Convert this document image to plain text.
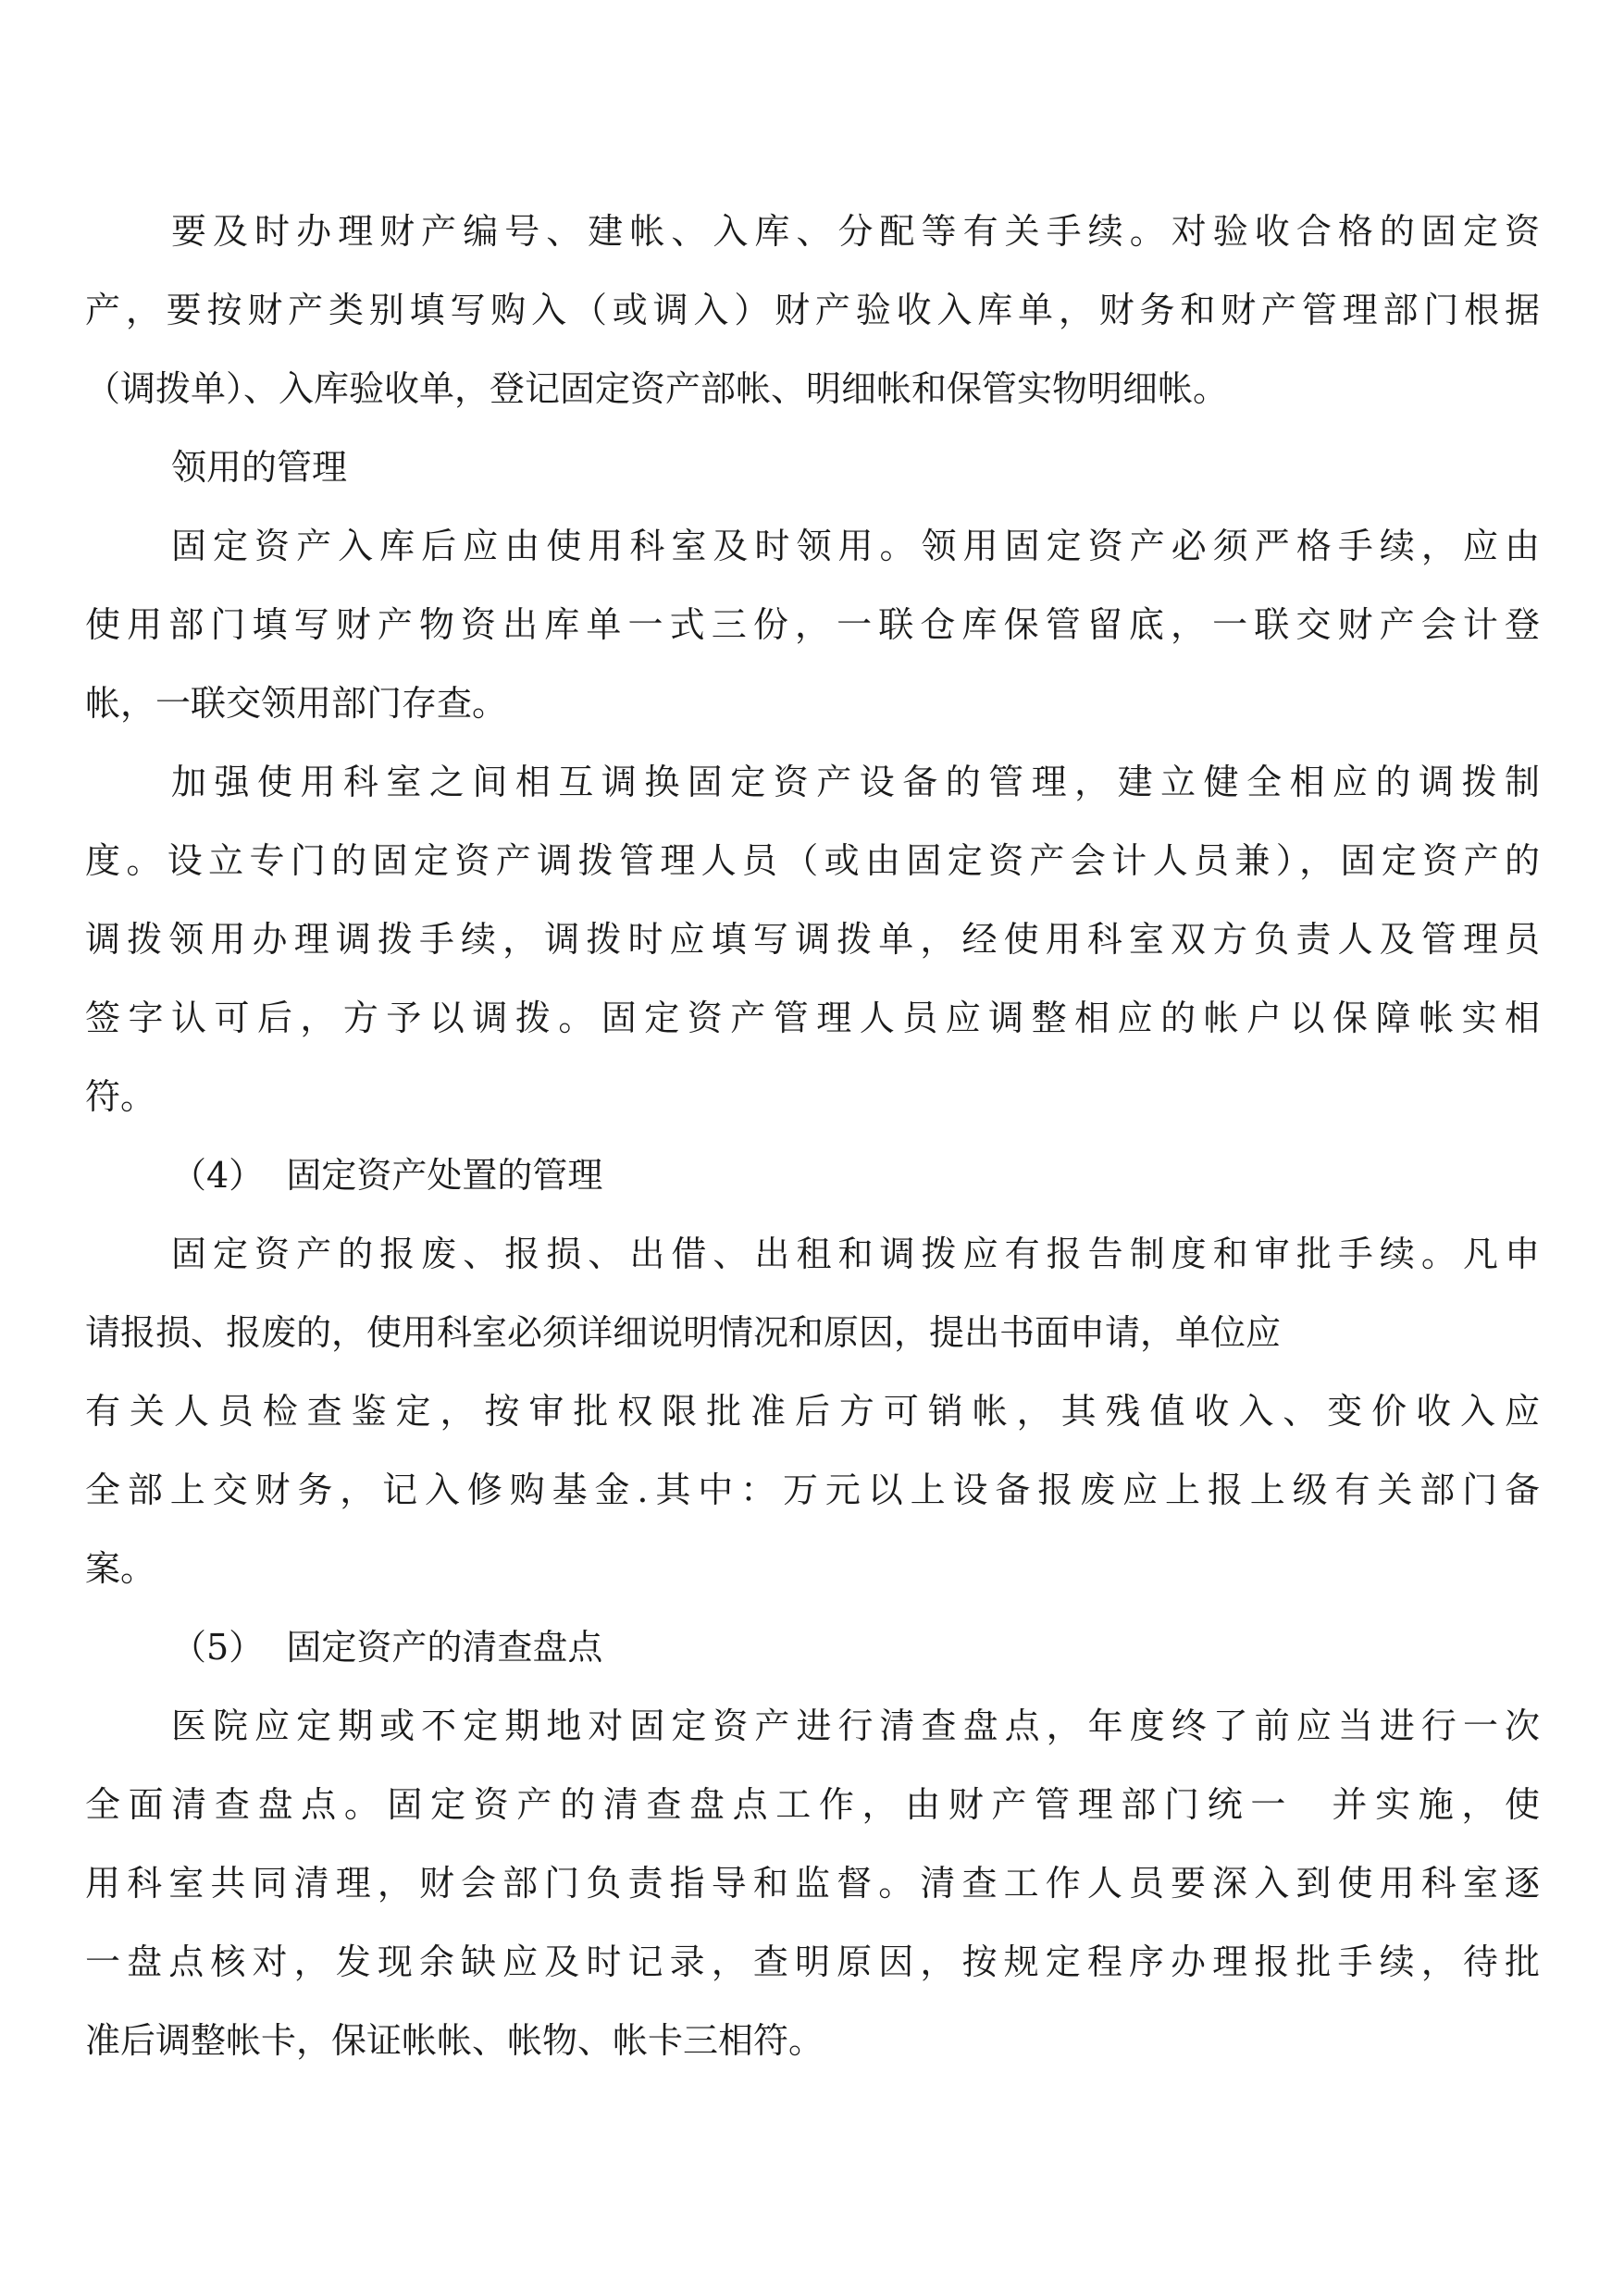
要及时办理财产编号、建帐、入库、分配等有关手续。对验收合格的固定资
产，要按财产类别填写购入（或调入）财产验收入库单，财务和财产管理部门根据
（调拨单）、入库验收单，登记固定资产部帐、明细帐和保管实物明细帐。
领用的管理
固定资产入库后应由使用科室及时领用。领用固定资产必须严格手续，应由
使用部门填写财产物资出库单一式三份，一联仓库保管留底，一联交财产会计登
帐，一联交领用部门存查。
加强使用科室之间相互调换固定资产设备的管理，建立健全相应的调拨制
度。设立专门的固定资产调拨管理人员（或由固定资产会计人员兼），固定资产的
调拨领用办理调拨手续，调拨时应填写调拨单，经使用科室双方负责人及管理员
签字认可后，方予以调拨。固定资产管理人员应调整相应的帐户以保障帐实相
符。
（4）  固定资产处置的管理
固定资产的报废、报损、出借、出租和调拨应有报告制度和审批手续。凡申
请报损、报废的，使用科室必须详细说明情况和原因，提出书面申请，单位应
有关人员检查鉴定，按审批权限批准后方可销帐，其残值收入、变价收入应
全部上交财务，记入修购基金.其中：万元以上设备报废应上报上级有关部门备
案。
（5）  固定资产的清查盘点
医院应定期或不定期地对固定资产进行清查盘点，年度终了前应当进行一次
全面清查盘点。固定资产的清查盘点工作，由财产管理部门统一  并实施，使
用科室共同清理，财会部门负责指导和监督。清查工作人员要深入到使用科室逐
一盘点核对，发现余缺应及时记录，查明原因，按规定程序办理报批手续，待批
准后调整帐卡，保证帐帐、帐物、帐卡三相符。
